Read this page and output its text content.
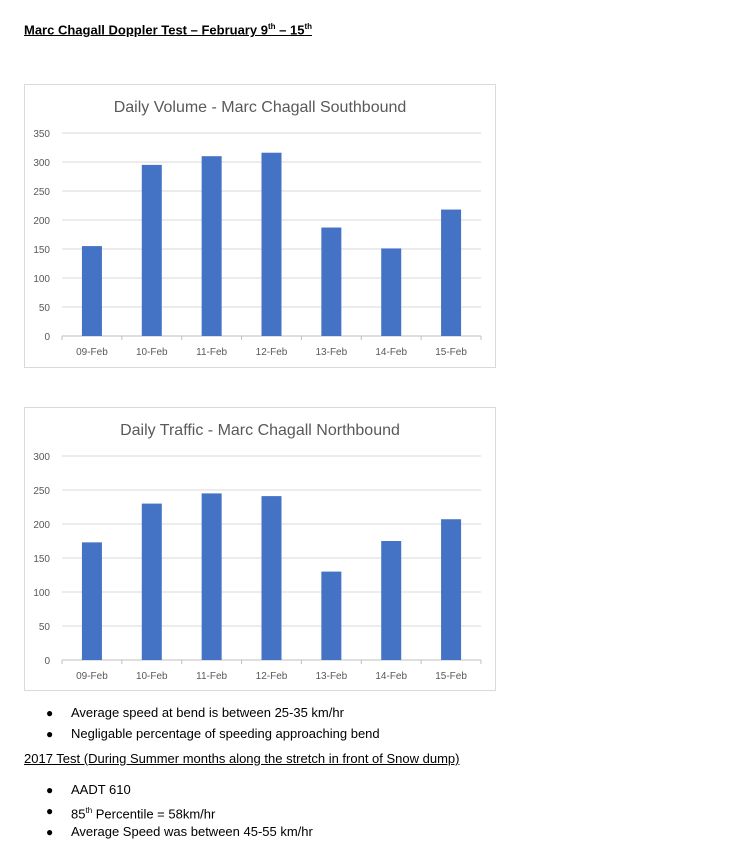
Marc Chagall Doppler Test – February 9th – 15th
Daily Volume - Marc Chagall Southbound
0
50
100
150
200
250
300
350
09-Feb	10-Feb	11-Feb	12-Feb	13-Feb	14-Feb	15-Feb
Daily Traffic - Marc Chagall Northbound
0
50
100
150
200
250
300
09-Feb	10-Feb	11-Feb	12-Feb	13-Feb	14-Feb	15-Feb
● Average speed at bend is between 25-35 km/hr
● Negligable percentage of speeding approaching bend
2017 Test (During Summer months along the stretch in front of Snow dump)
● AADT 610
● 85th Percentile = 58km/hr
● Average Speed was between 45-55 km/hr
